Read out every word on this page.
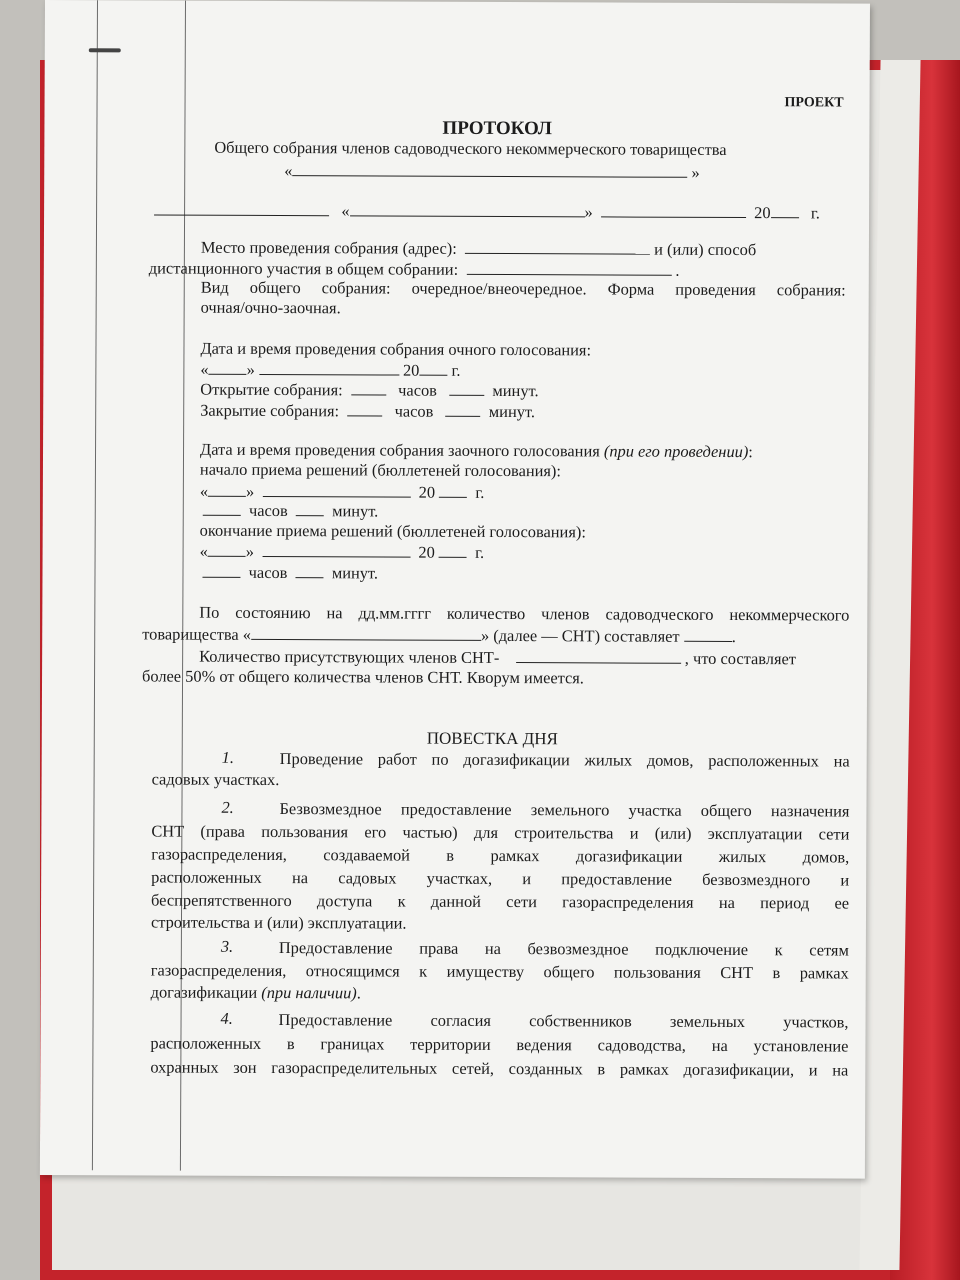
ПРОЕКТ
ПРОТОКОЛ
Общего собрания членов садоводческого некоммерческого товарищества
«	»
«	»	20 г.
Место проведения собрания (адрес):	и (или) способ
дистанционного участия в общем собрании:	.
Вид общего собрания: очередное/внеочередное. Форма проведения собрания:
очная/очно-заочная.
Дата и время проведения собрания очного голосования:
« »	20 г.
Открытие собрания:	часов	минут.
Закрытие собрания:	часов	минут.
Дата и время проведения собрания заочного голосования (при его проведении):
начало приема решений (бюллетеней голосования):
« »	20 г.
часов	минут.
окончание приема решений (бюллетеней голосования):
« »	20 г.
часов	минут.
По состоянию на дд.мм.гггг количество членов садоводческого некоммерческого
товарищества «	» (далее — СНТ) составляет	.
Количество присутствующих членов СНТ-	, что составляет
более 50% от общего количества членов СНТ. Кворум имеется.
ПОВЕСТКА ДНЯ
1.	Проведение работ по догазификации жилых домов, расположенных на
садовых участках.
2.	Безвозмездное предоставление земельного участка общего назначения
СНТ (права пользования его частью) для строительства и (или) эксплуатации сети
газораспределения, создаваемой в рамках догазификации жилых домов,
расположенных на садовых участках, и предоставление безвозмездного и
беспрепятственного доступа к данной сети газораспределения на период ее
строительства и (или) эксплуатации.
3.	Предоставление права на безвозмездное подключение к сетям
газораспределения, относящимся к имуществу общего пользования СНТ в рамках
догазификации (при наличии).
4.	Предоставление согласия собственников земельных участков,
расположенных в границах территории ведения садоводства, на установление
охранных зон газораспределительных сетей, созданных в рамках догазификации, и на
